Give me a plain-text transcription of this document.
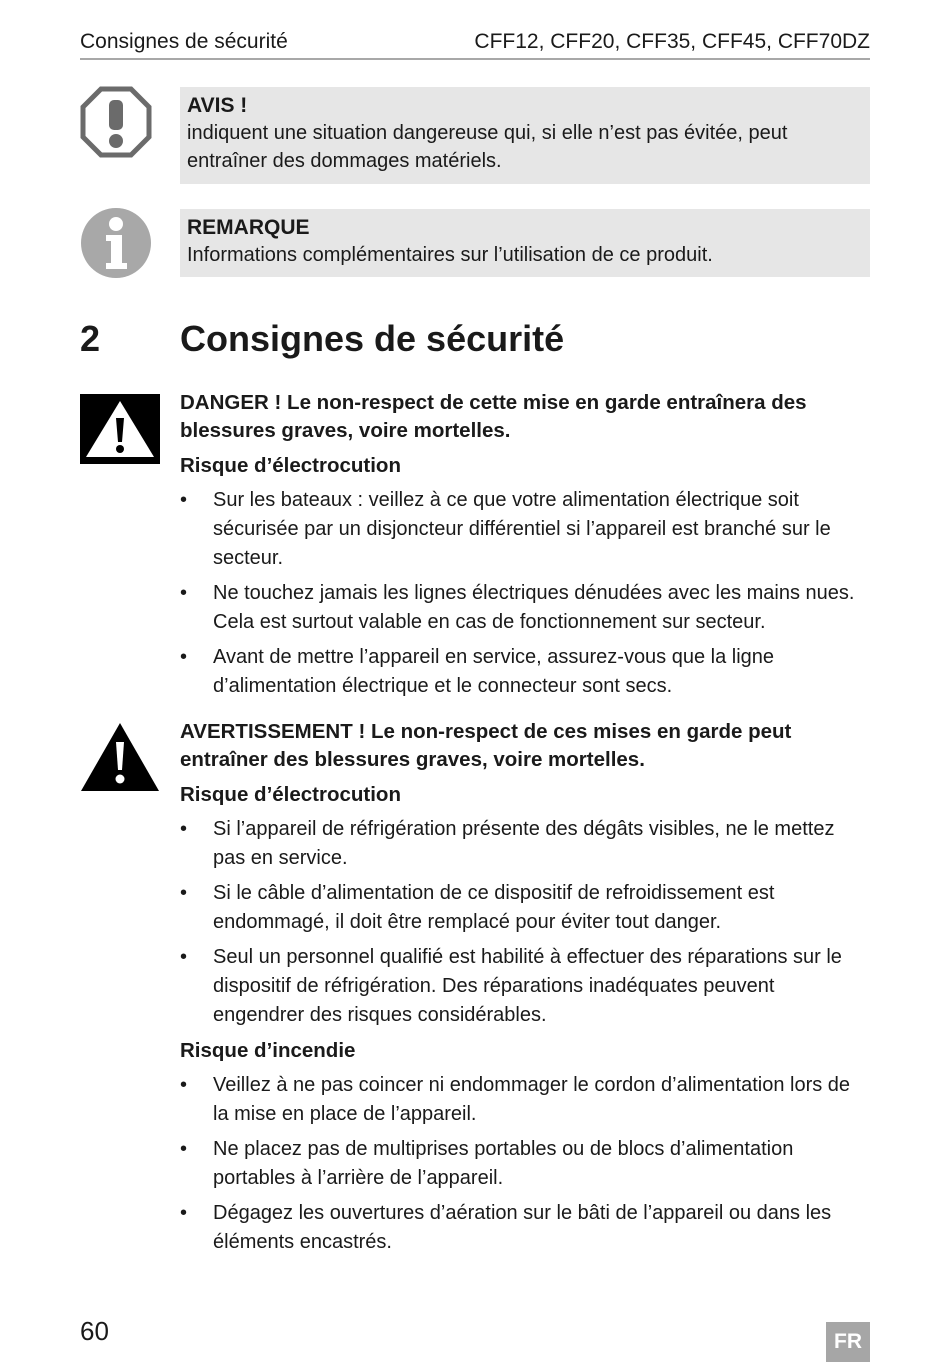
Consignes de sécurité	CFF12, CFF20, CFF35, CFF45, CFF70DZ
AVIS !
indiquent une situation dangereuse qui, si elle n’est pas évitée, peut entraîner des dommages matériels.
REMARQUE
Informations complémentaires sur l’utilisation de ce produit.
2 Consignes de sécurité

DANGER ! Le non-respect de cette mise en garde entraînera des blessures graves, voire mortelles.

Risque d’électrocution

• Sur les bateaux : veillez à ce que votre alimentation électrique soit sécurisée par un disjoncteur différentiel si l’appareil est branché sur le secteur.
• Ne touchez jamais les lignes électriques dénudées avec les mains nues. Cela est surtout valable en cas de fonctionnement sur secteur.
• Avant de mettre l’appareil en service, assurez-vous que la ligne d’alimentation électrique et le connecteur sont secs.

AVERTISSEMENT ! Le non-respect de ces mises en garde peut entraîner des blessures graves, voire mortelles.

Risque d’électrocution

• Si l’appareil de réfrigération présente des dégâts visibles, ne le mettez pas en service.
• Si le câble d’alimentation de ce dispositif de refroidissement est endommagé, il doit être remplacé pour éviter tout danger.
• Seul un personnel qualifié est habilité à effectuer des réparations sur le dispositif de réfrigération. Des réparations inadéquates peuvent engendrer des risques considérables.

Risque d’incendie

• Veillez à ne pas coincer ni endommager le cordon d’alimentation lors de la mise en place de l’appareil.
• Ne placez pas de multiprises portables ou de blocs d’alimentation portables à l’arrière de l’appareil.
• Dégagez les ouvertures d’aération sur le bâti de l’appareil ou dans les éléments encastrés.
60	FR
